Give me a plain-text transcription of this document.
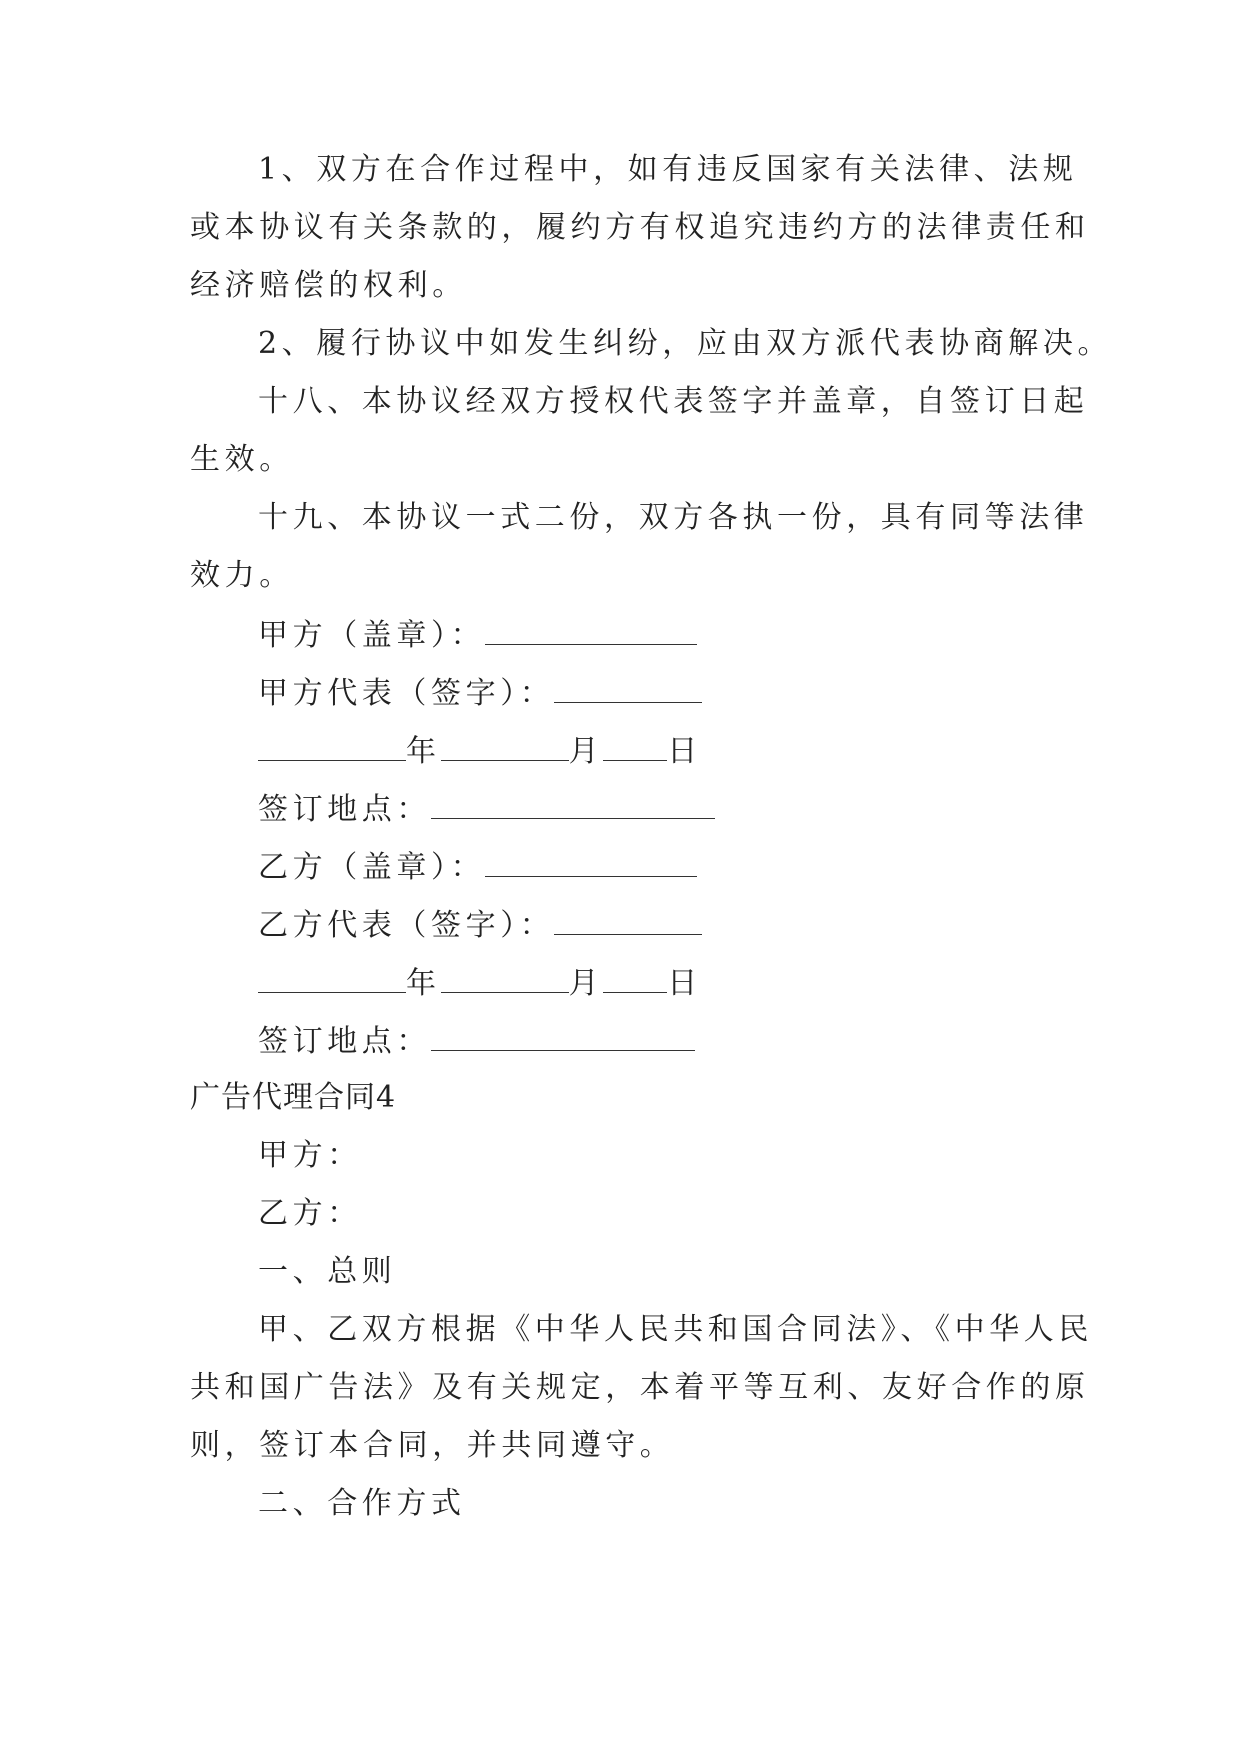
1、双方在合作过程中，如有违反国家有关法律、法规
或本协议有关条款的，履约方有权追究违约方的法律责任和
经济赔偿的权利。
2、履行协议中如发生纠纷，应由双方派代表协商解决。
十八、本协议经双方授权代表签字并盖章，自签订日起
生效。
十九、本协议一式二份，双方各执一份，具有同等法律
效力。
甲方（盖章）：
甲方代表（签字）：
年	月 日
签订地点：
乙方（盖章）：
乙方代表（签字）：
年	月 日
签订地点：
广告代理合同4
甲方：
乙方：
一、总则
甲、乙双方根据《中华人民共和国合同法》、《中华人民
共和国广告法》及有关规定，本着平等互利、友好合作的原
则，签订本合同，并共同遵守。
二、合作方式
